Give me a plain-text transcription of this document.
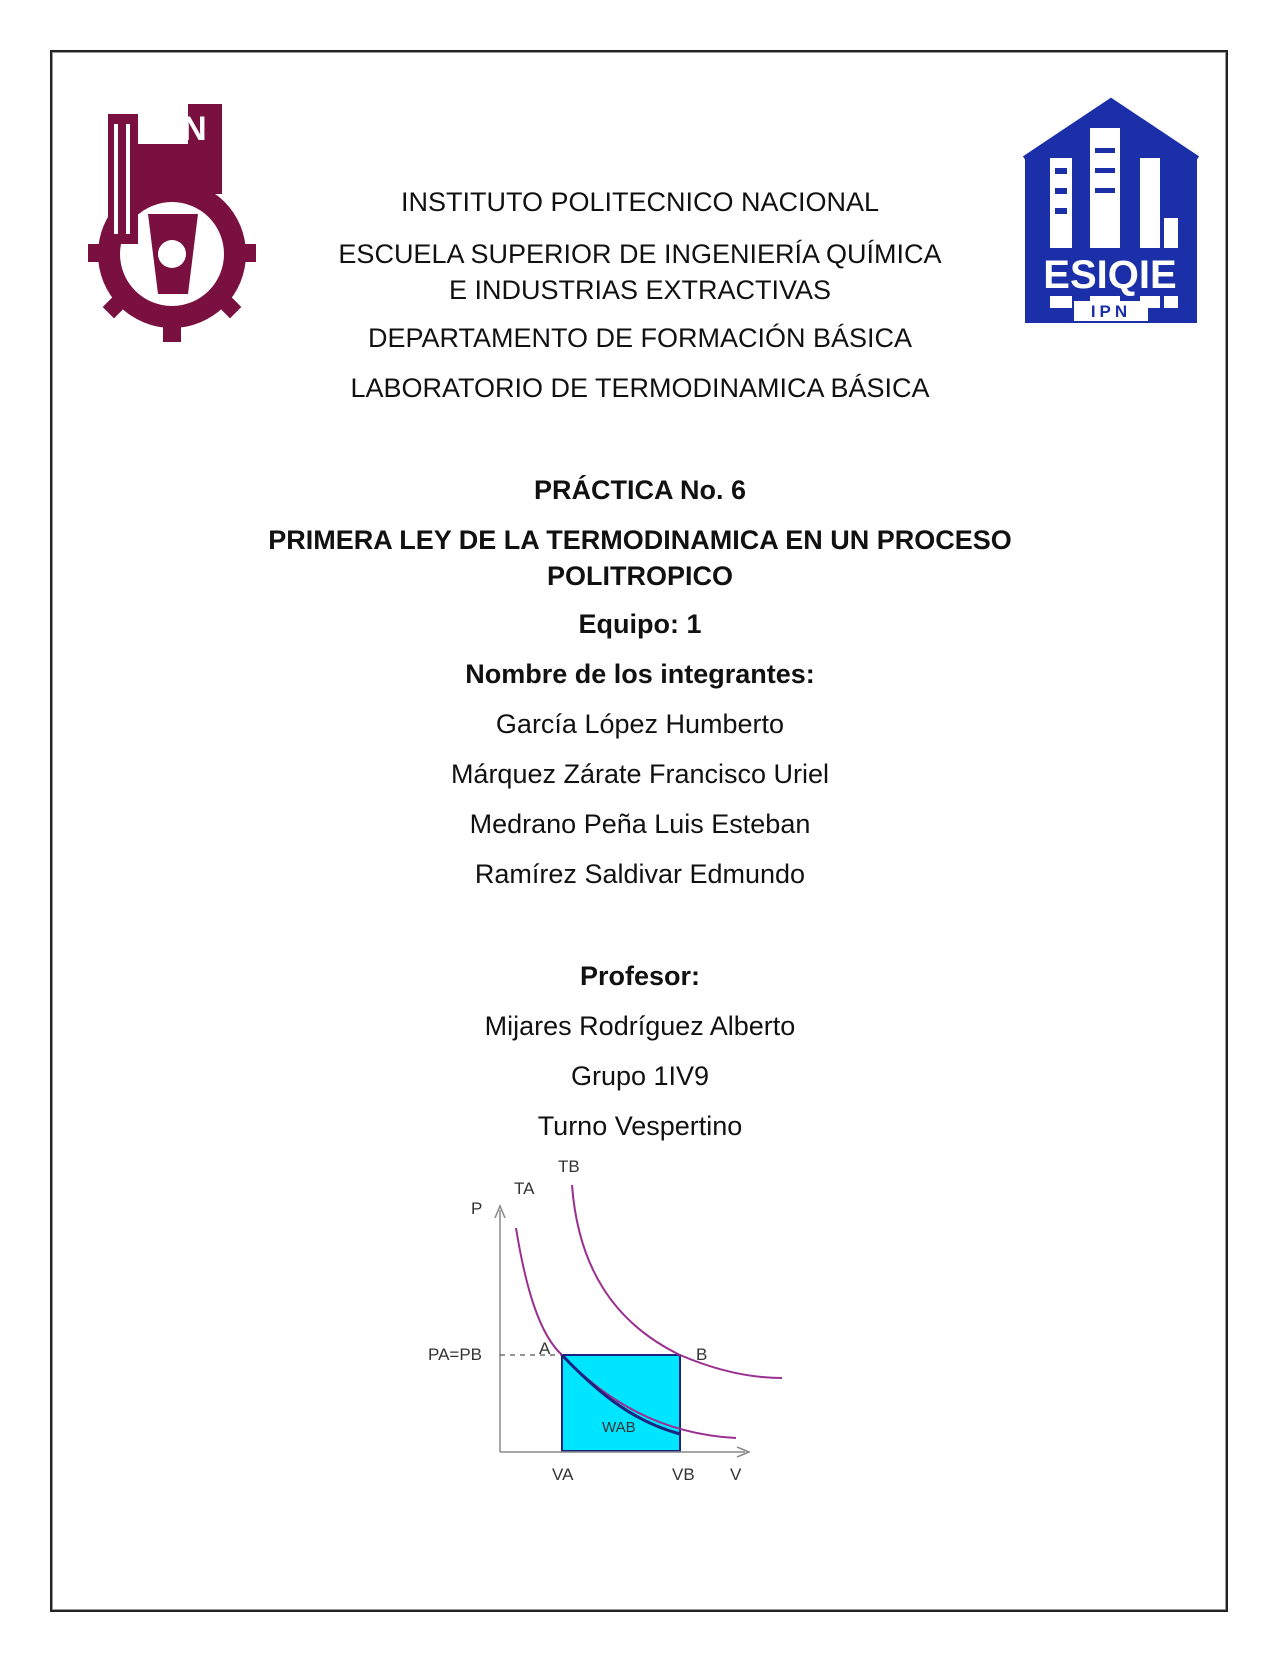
IPN
ESIQIE
IPN

INSTITUTO POLITECNICO NACIONAL

ESCUELA SUPERIOR DE INGENIERÍA QUÍMICA

E INDUSTRIAS EXTRACTIVAS

DEPARTAMENTO DE FORMACIÓN BÁSICA

LABORATORIO DE TERMODINAMICA BÁSICA

PRÁCTICA No. 6

PRIMERA LEY DE LA TERMODINAMICA EN UN PROCESO

POLITROPICO

Equipo: 1

Nombre de los integrantes:

García López Humberto

Márquez Zárate Francisco Uriel

Medrano Peña Luis Esteban

Ramírez Saldivar Edmundo

Profesor:

Mijares Rodríguez Alberto

Grupo 1IV9

Turno Vespertino

P
V
TA
TB
PA=PB	A	B
VA	VB
WAB
